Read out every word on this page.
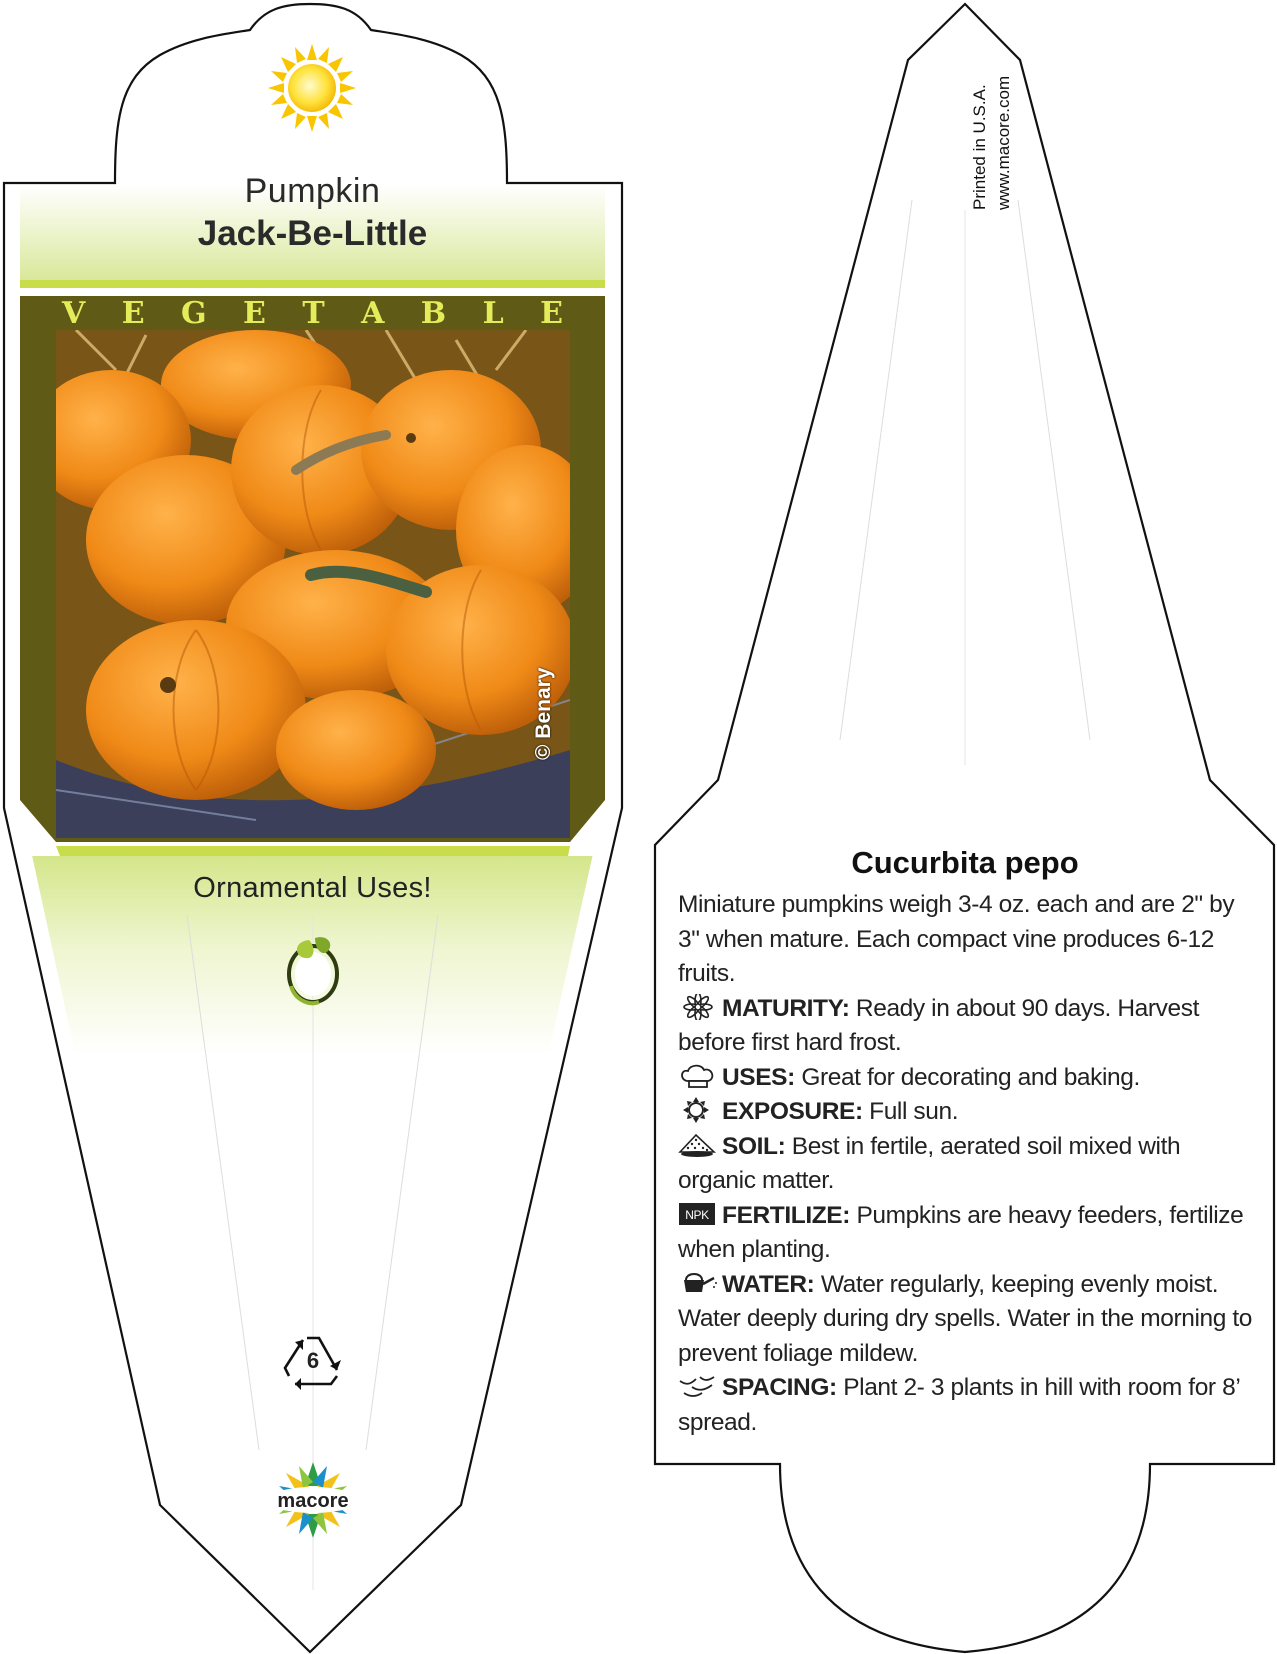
Pumpkin
Jack-Be-Little
V E G E T A B L E
© Benary
Ornamental Uses!
6
macore
Printed in U.S.A. www.macore.com
Cucurbita pepo

Miniature pumpkins weigh 3-4 oz. each and are 2" by 3" when mature. Each compact vine produces 6-12 fruits.

MATURITY: Ready in about 90 days. Harvest before first hard frost.

USES: Great for decorating and baking.

EXPOSURE: Full sun.

SOIL: Best in fertile, aerated soil mixed with organic matter.

NPK FERTILIZE: Pumpkins are heavy feeders, fertilize when planting.

WATER: Water regularly, keeping evenly moist. Water deeply during dry spells. Water in the morning to prevent foliage mildew.

SPACING: Plant 2- 3 plants in hill with room for 8’ spread.
